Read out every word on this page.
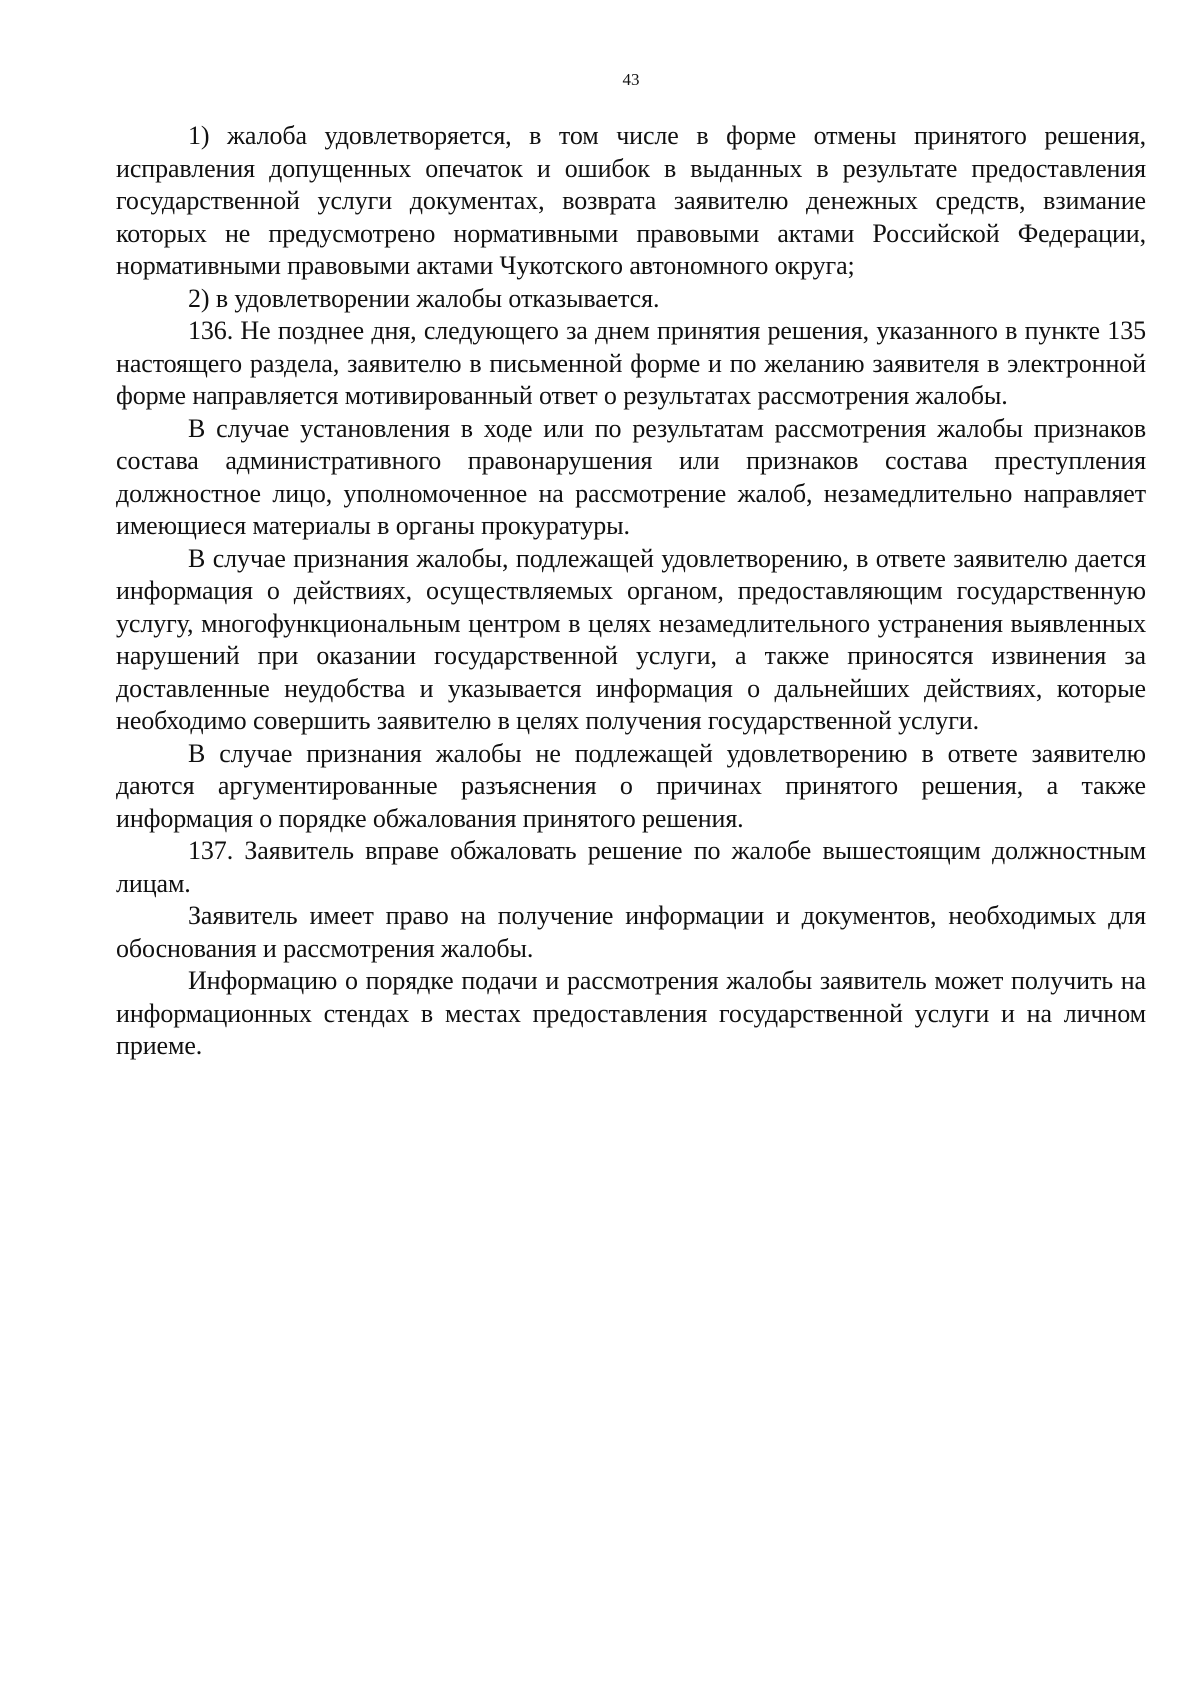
43

1) жалоба удовлетворяется, в том числе в форме отмены принятого решения, исправления допущенных опечаток и ошибок в выданных в результате предоставления государственной услуги документах, возврата заявителю денежных средств, взимание которых не предусмотрено нормативными правовыми актами Российской Федерации, нормативными правовыми актами Чукотского автономного округа;

2) в удовлетворении жалобы отказывается.

136. Не позднее дня, следующего за днем принятия решения, указанного в пункте 135 настоящего раздела, заявителю в письменной форме и по желанию заявителя в электронной форме направляется мотивированный ответ о результатах рассмотрения жалобы.

В случае установления в ходе или по результатам рассмотрения жалобы признаков состава административного правонарушения или признаков состава преступления должностное лицо, уполномоченное на рассмотрение жалоб, незамедлительно направляет имеющиеся материалы в органы прокуратуры.

В случае признания жалобы, подлежащей удовлетворению, в ответе заявителю дается информация о действиях, осуществляемых органом, предоставляющим государственную услугу, многофункциональным центром в целях незамедлительного устранения выявленных нарушений при оказании государственной услуги, а также приносятся извинения за доставленные неудобства и указывается информация о дальнейших действиях, которые необходимо совершить заявителю в целях получения государственной услуги.

В случае признания жалобы не подлежащей удовлетворению в ответе заявителю даются аргументированные разъяснения о причинах принятого решения, а также информация о порядке обжалования принятого решения.

137. Заявитель вправе обжаловать решение по жалобе вышестоящим должностным лицам.

Заявитель имеет право на получение информации и документов, необходимых для обоснования и рассмотрения жалобы.

Информацию о порядке подачи и рассмотрения жалобы заявитель может получить на информационных стендах в местах предоставления государственной услуги и на личном приеме.
